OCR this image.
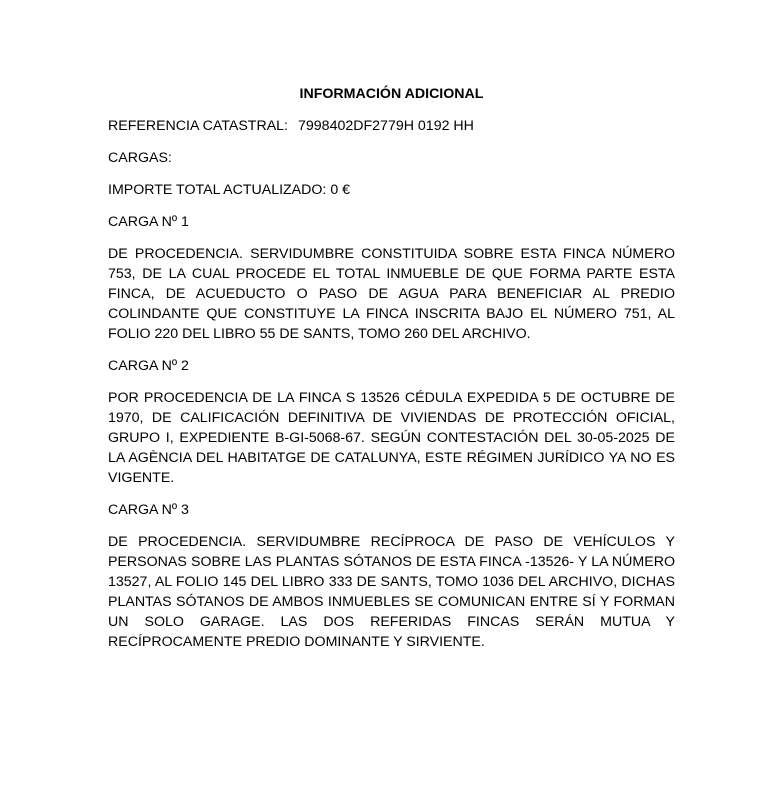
INFORMACIÓN ADICIONAL
REFERENCIA CATASTRAL: 7998402DF2779H 0192 HH
CARGAS:
IMPORTE TOTAL ACTUALIZADO: 0 €
CARGA Nº 1
DE PROCEDENCIA. SERVIDUMBRE CONSTITUIDA SOBRE ESTA FINCA NÚMERO 753, DE LA CUAL PROCEDE EL TOTAL INMUEBLE DE QUE FORMA PARTE ESTA FINCA, DE ACUEDUCTO O PASO DE AGUA PARA BENEFICIAR AL PREDIO COLINDANTE QUE CONSTITUYE LA FINCA INSCRITA BAJO EL NÚMERO 751, AL FOLIO 220 DEL LIBRO 55 DE SANTS, TOMO 260 DEL ARCHIVO.
CARGA Nº 2
POR PROCEDENCIA DE LA FINCA S 13526 CÉDULA EXPEDIDA 5 DE OCTUBRE DE 1970, DE CALIFICACIÓN DEFINITIVA DE VIVIENDAS DE PROTECCIÓN OFICIAL, GRUPO I, EXPEDIENTE B-GI-5068-67. SEGÚN CONTESTACIÓN DEL 30-05-2025 DE LA AGÈNCIA DEL HABITATGE DE CATALUNYA, ESTE RÉGIMEN JURÍDICO YA NO ES VIGENTE.
CARGA Nº 3
DE PROCEDENCIA. SERVIDUMBRE RECÍPROCA DE PASO DE VEHÍCULOS Y PERSONAS SOBRE LAS PLANTAS SÓTANOS DE ESTA FINCA -13526- Y LA NÚMERO 13527, AL FOLIO 145 DEL LIBRO 333 DE SANTS, TOMO 1036 DEL ARCHIVO, DICHAS PLANTAS SÓTANOS DE AMBOS INMUEBLES SE COMUNICAN ENTRE SÍ Y FORMAN UN SOLO GARAGE. LAS DOS REFERIDAS FINCAS SERÁN MUTUA Y RECÍPROCAMENTE PREDIO DOMINANTE Y SIRVIENTE.
